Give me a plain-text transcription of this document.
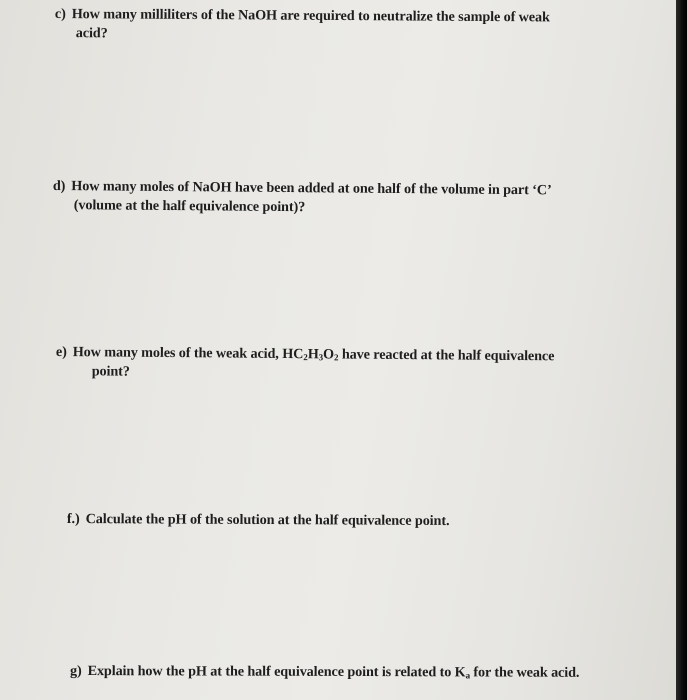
c) How many milliliters of the NaOH are required to neutralize the sample of weak
acid?
d) How many moles of NaOH have been added at one half of the volume in part ‘C’
(volume at the half equivalence point)?
e) How many moles of the weak acid, $HC_2H_3O_2$ have reacted at the half equivalence
point?
f.) Calculate the pH of the solution at the half equivalence point.
g) Explain how the pH at the half equivalence point is related to $K_a$ for the weak acid.
